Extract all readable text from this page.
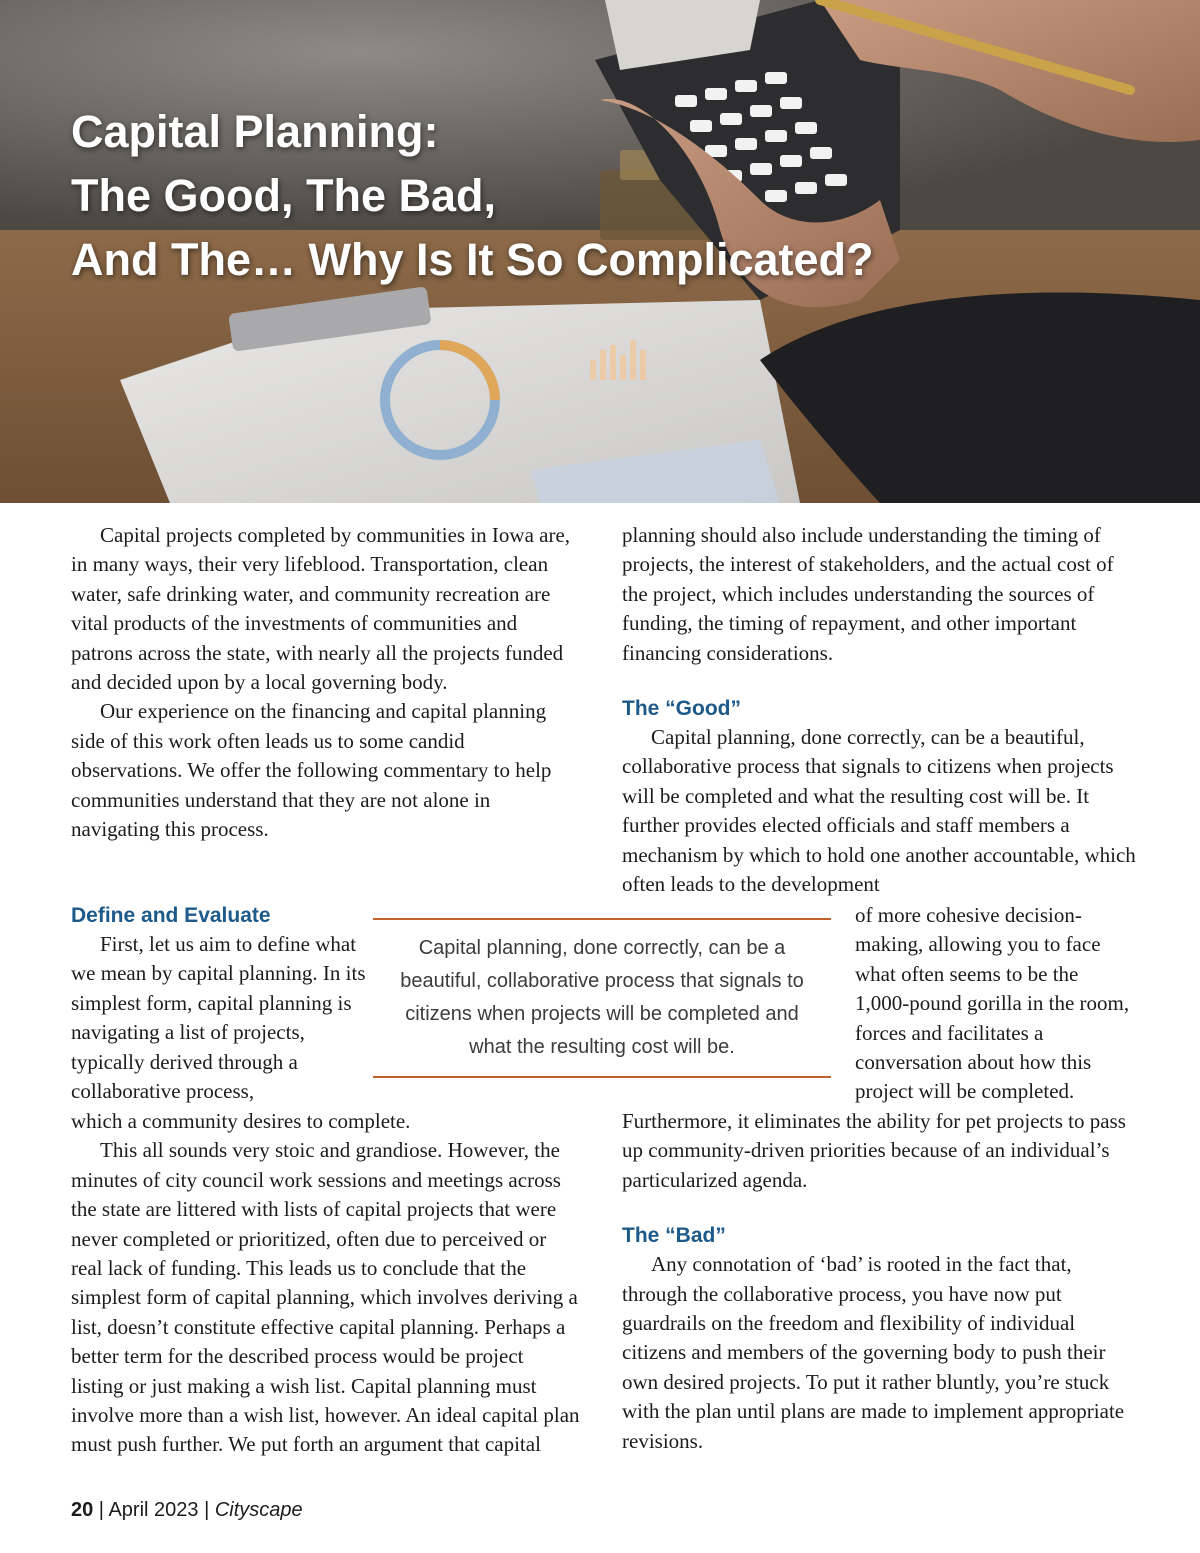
Capital Planning:
The Good, The Bad,
And The… Why Is It So Complicated?

Capital projects completed by communities in Iowa are, in many ways, their very lifeblood. Transportation, clean water, safe drinking water, and community recreation are vital products of the investments of communities and patrons across the state, with nearly all the projects funded and decided upon by a local governing body.

Our experience on the financing and capital planning side of this work often leads us to some candid observations. We offer the following commentary to help communities understand that they are not alone in navigating this process.

Define and Evaluate

First, let us aim to define what we mean by capital planning. In its simplest form, capital planning is navigating a list of projects, typically derived through a collaborative process,

which a community desires to complete.

This all sounds very stoic and grandiose. However, the minutes of city council work sessions and meetings across the state are littered with lists of capital projects that were never completed or prioritized, often due to perceived or real lack of funding. This leads us to conclude that the simplest form of capital planning, which involves deriving a list, doesn’t constitute effective capital planning. Perhaps a better term for the described process would be project listing or just making a wish list. Capital planning must involve more than a wish list, however. An ideal capital plan must push further. We put forth an argument that capital

Capital planning, done correctly, can be a beautiful, collaborative process that signals to citizens when projects will be completed and what the resulting cost will be.

planning should also include understanding the timing of projects, the interest of stakeholders, and the actual cost of the project, which includes understanding the sources of funding, the timing of repayment, and other important financing considerations.

The “Good”

Capital planning, done correctly, can be a beautiful, collaborative process that signals to citizens when projects will be completed and what the resulting cost will be. It further provides elected officials and staff members a mechanism by which to hold one another accountable, which often leads to the development

of more cohesive decision-making, allowing you to face what often seems to be the 1,000-pound gorilla in the room, forces and facilitates a conversation about how this project will be completed.

Furthermore, it eliminates the ability for pet projects to pass up community-driven priorities because of an individual’s particularized agenda.

The “Bad”

Any connotation of ‘bad’ is rooted in the fact that, through the collaborative process, you have now put guardrails on the freedom and flexibility of individual citizens and members of the governing body to push their own desired projects. To put it rather bluntly, you’re stuck with the plan until plans are made to implement appropriate revisions.

20 | April 2023 | Cityscape
